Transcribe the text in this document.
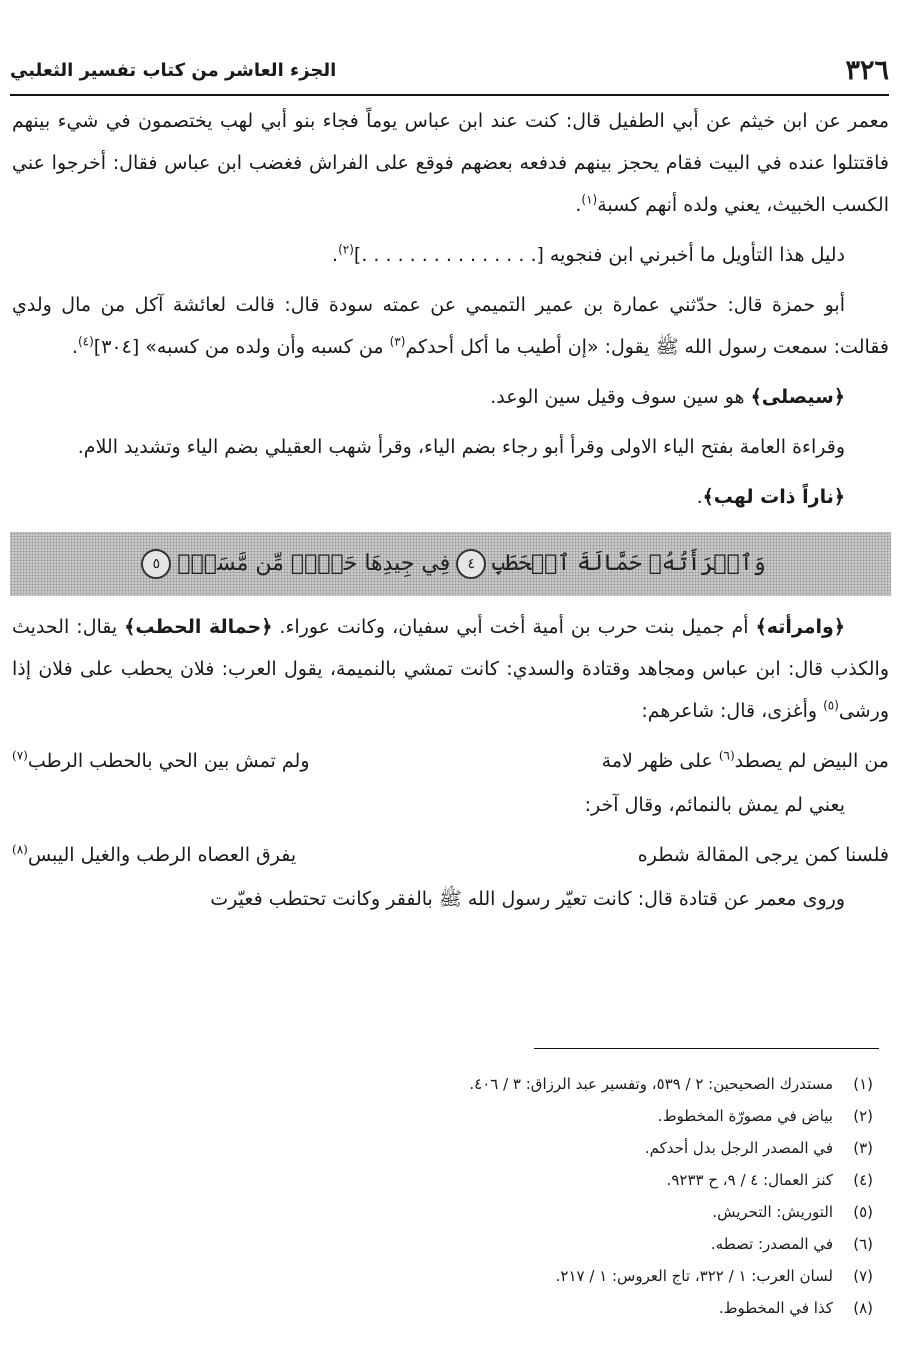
٣٢٦
الجزء العاشر من كتاب تفسير الثعلبي

معمر عن ابن خيثم عن أبي الطفيل قال: كنت عند ابن عباس يوماً فجاء بنو أبي لهب يختصمون في شيء بينهم فاقتتلوا عنده في البيت فقام يحجز بينهم فدفعه بعضهم فوقع على الفراش فغضب ابن عباس فقال: أخرجوا عني الكسب الخبيث، يعني ولده أنهم كسبة$^{(١)}$.

دليل هذا التأويل ما أخبرني ابن فنجويه [. . . . . . . . . . . . . . .]$^{(٢)}$.

أبو حمزة قال: حدّثني عمارة بن عمير التميمي عن عمته سودة قال: قالت لعائشة آكل من مال ولدي فقالت: سمعت رسول الله ﷺ يقول: «إن أطيب ما أكل أحدكم$^{(٣)}$ من كسبه وأن ولده من كسبه» [٣٠٤]$^{(٤)}$.

﴿سيصلى﴾ هو سين سوف وقيل سين الوعد.

وقراءة العامة بفتح الياء الاولى وقرأ أبو رجاء بضم الياء، وقرأ شهب العقيلي بضم الياء وتشديد اللام.

﴿ناراً ذات لهب﴾.

وَٱمۡرَأَتُهُۥ حَمَّالَةَ ٱلۡحَطَبِ
٤
فِي جِيدِهَا حَبۡلٞ مِّن مَّسَدِۭ
٥

﴿وامرأته﴾ أم جميل بنت حرب بن أمية أخت أبي سفيان، وكانت عوراء. ﴿حمالة الحطب﴾ يقال: الحديث والكذب قال: ابن عباس ومجاهد وقتادة والسدي: كانت تمشي بالنميمة، يقول العرب: فلان يحطب على فلان إذا ورشى$^{(٥)}$ وأغزى، قال: شاعرهم:

من البيض لم يصطد$^{(٦)}$ على ظهر لامة
ولم تمش بين الحي بالحطب الرطب$^{(٧)}$

يعني لم يمش بالنمائم، وقال آخر:

فلسنا كمن يرجى المقالة شطره
يفرق العصاه الرطب والغيل اليبس$^{(٨)}$

وروى معمر عن قتادة قال: كانت تعيّر رسول الله ﷺ بالفقر وكانت تحتطب فعيّرت

(١)
مستدرك الصحيحين: ٢ / ٥٣٩، وتفسير عبد الرزاق: ٣ / ٤٠٦.
(٢)
بياض في مصورّة المخطوط.
(٣)
في المصدر الرجل بدل أحدكم.
(٤)
كنز العمال: ٤ / ٩، ح ٩٢٣٣.
(٥)
التوريش: التحريش.
(٦)
في المصدر: تصطه.
(٧)
لسان العرب: ١ / ٣٢٢، تاج العروس: ١ / ٢١٧.
(٨)
كذا في المخطوط.
